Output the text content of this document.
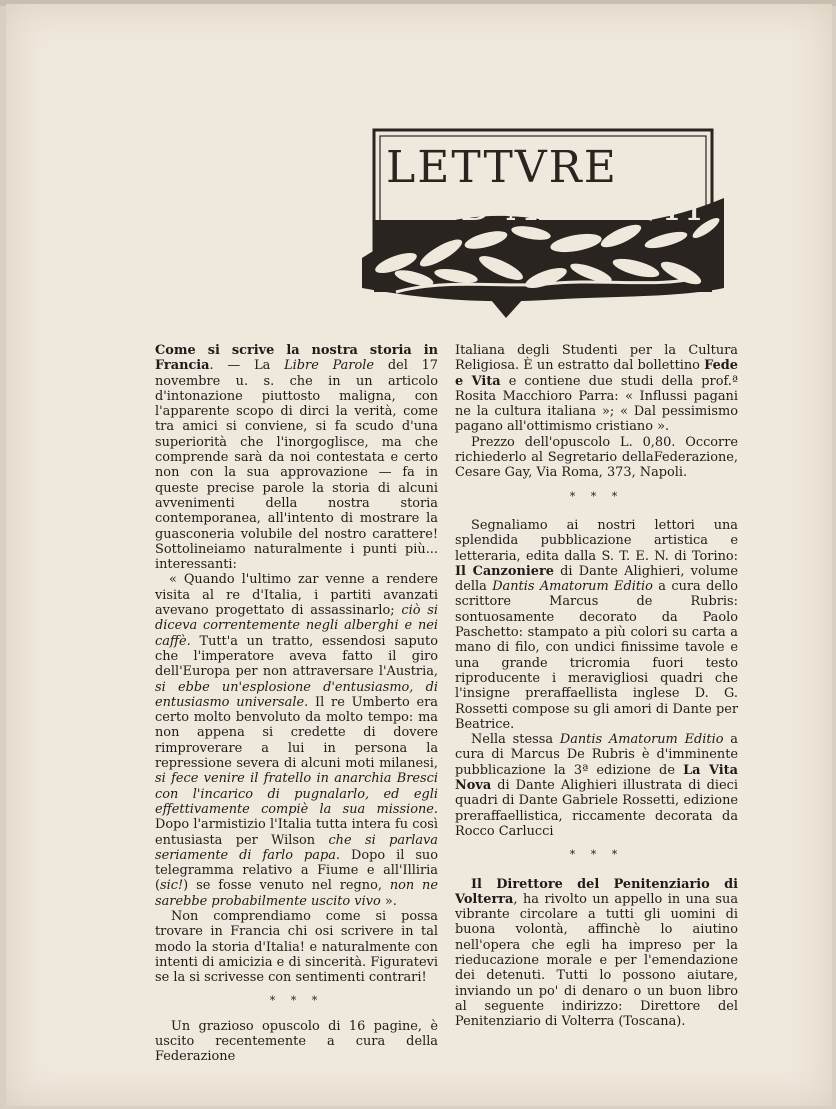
LETTVRE
ED APPVNTI

Come si scrive la nostra storia in Francia. — La Libre Parole del 17 novembre u. s. che in un articolo d'intonazione piuttosto maligna, con l'apparente scopo di dirci la verità, come tra amici si conviene, si fa scudo d'una superiorità che l'inorgoglisce, ma che comprende sarà da noi contestata e certo non con la sua approvazione — fa in queste precise parole la storia di alcuni avvenimenti della nostra storia contemporanea, all'intento di mostrare la guasconeria volubile del nostro carattere! Sottolineiamo naturalmente i punti più... interessanti:

« Quando l'ultimo zar venne a rendere visita al re d'Italia, i partiti avanzati avevano progettato di assassinarlo; ciò si diceva correntemente negli alberghi e nei caffè. Tutt'a un tratto, essendosi saputo che l'imperatore aveva fatto il giro dell'Europa per non attraversare l'Austria, si ebbe un'esplosione d'entusiasmo, di entusiasmo universale. Il re Umberto era certo molto benvoluto da molto tempo: ma non appena si credette di dovere rimproverare a lui in persona la repressione severa di alcuni moti milanesi, si fece venire il fratello in anarchia Bresci con l'incarico di pugnalarlo, ed egli effettivamente compiè la sua missione. Dopo l'armistizio l'Italia tutta intera fu così entusiasta per Wilson che si parlava seriamente di farlo papa. Dopo il suo telegramma relativo a Fiume e all'Illiria (sic!) se fosse venuto nel regno, non ne sarebbe probabilmente uscito vivo ».

Non comprendiamo come si possa trovare in Francia chi osi scrivere in tal modo la storia d'Italia! e naturalmente con intenti di amicizia e di sincerità. Figuratevi se la si scrivesse con sentimenti contrari!

* * *

Un grazioso opuscolo di 16 pagine, è uscito recentemente a cura della Federazione

Italiana degli Studenti per la Cultura Religiosa. È un estratto dal bollettino Fede e Vita e contiene due studi della prof.ª Rosita Macchioro Parra: « Influssi pagani ne la cultura italiana »; « Dal pessimismo pagano all'ottimismo cristiano ».

Prezzo dell'opuscolo L. 0,80. Occorre richiederlo al Segretario dellaFederazione, Cesare Gay, Via Roma, 373, Napoli.

* * *

Segnaliamo ai nostri lettori una splendida pubblicazione artistica e letteraria, edita dalla S. T. E. N. di Torino: Il Canzoniere di Dante Alighieri, volume della Dantis Amatorum Editio a cura dello scrittore Marcus de Rubris: sontuosamente decorato da Paolo Paschetto: stampato a più colori su carta a mano di filo, con undici finissime tavole e una grande tricromia fuori testo riproducente i meravigliosi quadri che l'insigne preraffaellista inglese D. G. Rossetti compose su gli amori di Dante per Beatrice.

Nella stessa Dantis Amatorum Editio a cura di Marcus De Rubris è d'imminente pubblicazione la 3ª edizione de La Vita Nova di Dante Alighieri illustrata di dieci quadri di Dante Gabriele Rossetti, edizione preraffaellistica, riccamente decorata da Rocco Carlucci

* * *

Il Direttore del Penitenziario di Volterra, ha rivolto un appello in una sua vibrante circolare a tutti gli uomini di buona volontà, affinchè lo aiutino nell'opera che egli ha impreso per la rieducazione morale e per l'emendazione dei detenuti. Tutti lo possono aiutare, inviando un po' di denaro o un buon libro al seguente indirizzo: Direttore del Penitenziario di Volterra (Toscana).
